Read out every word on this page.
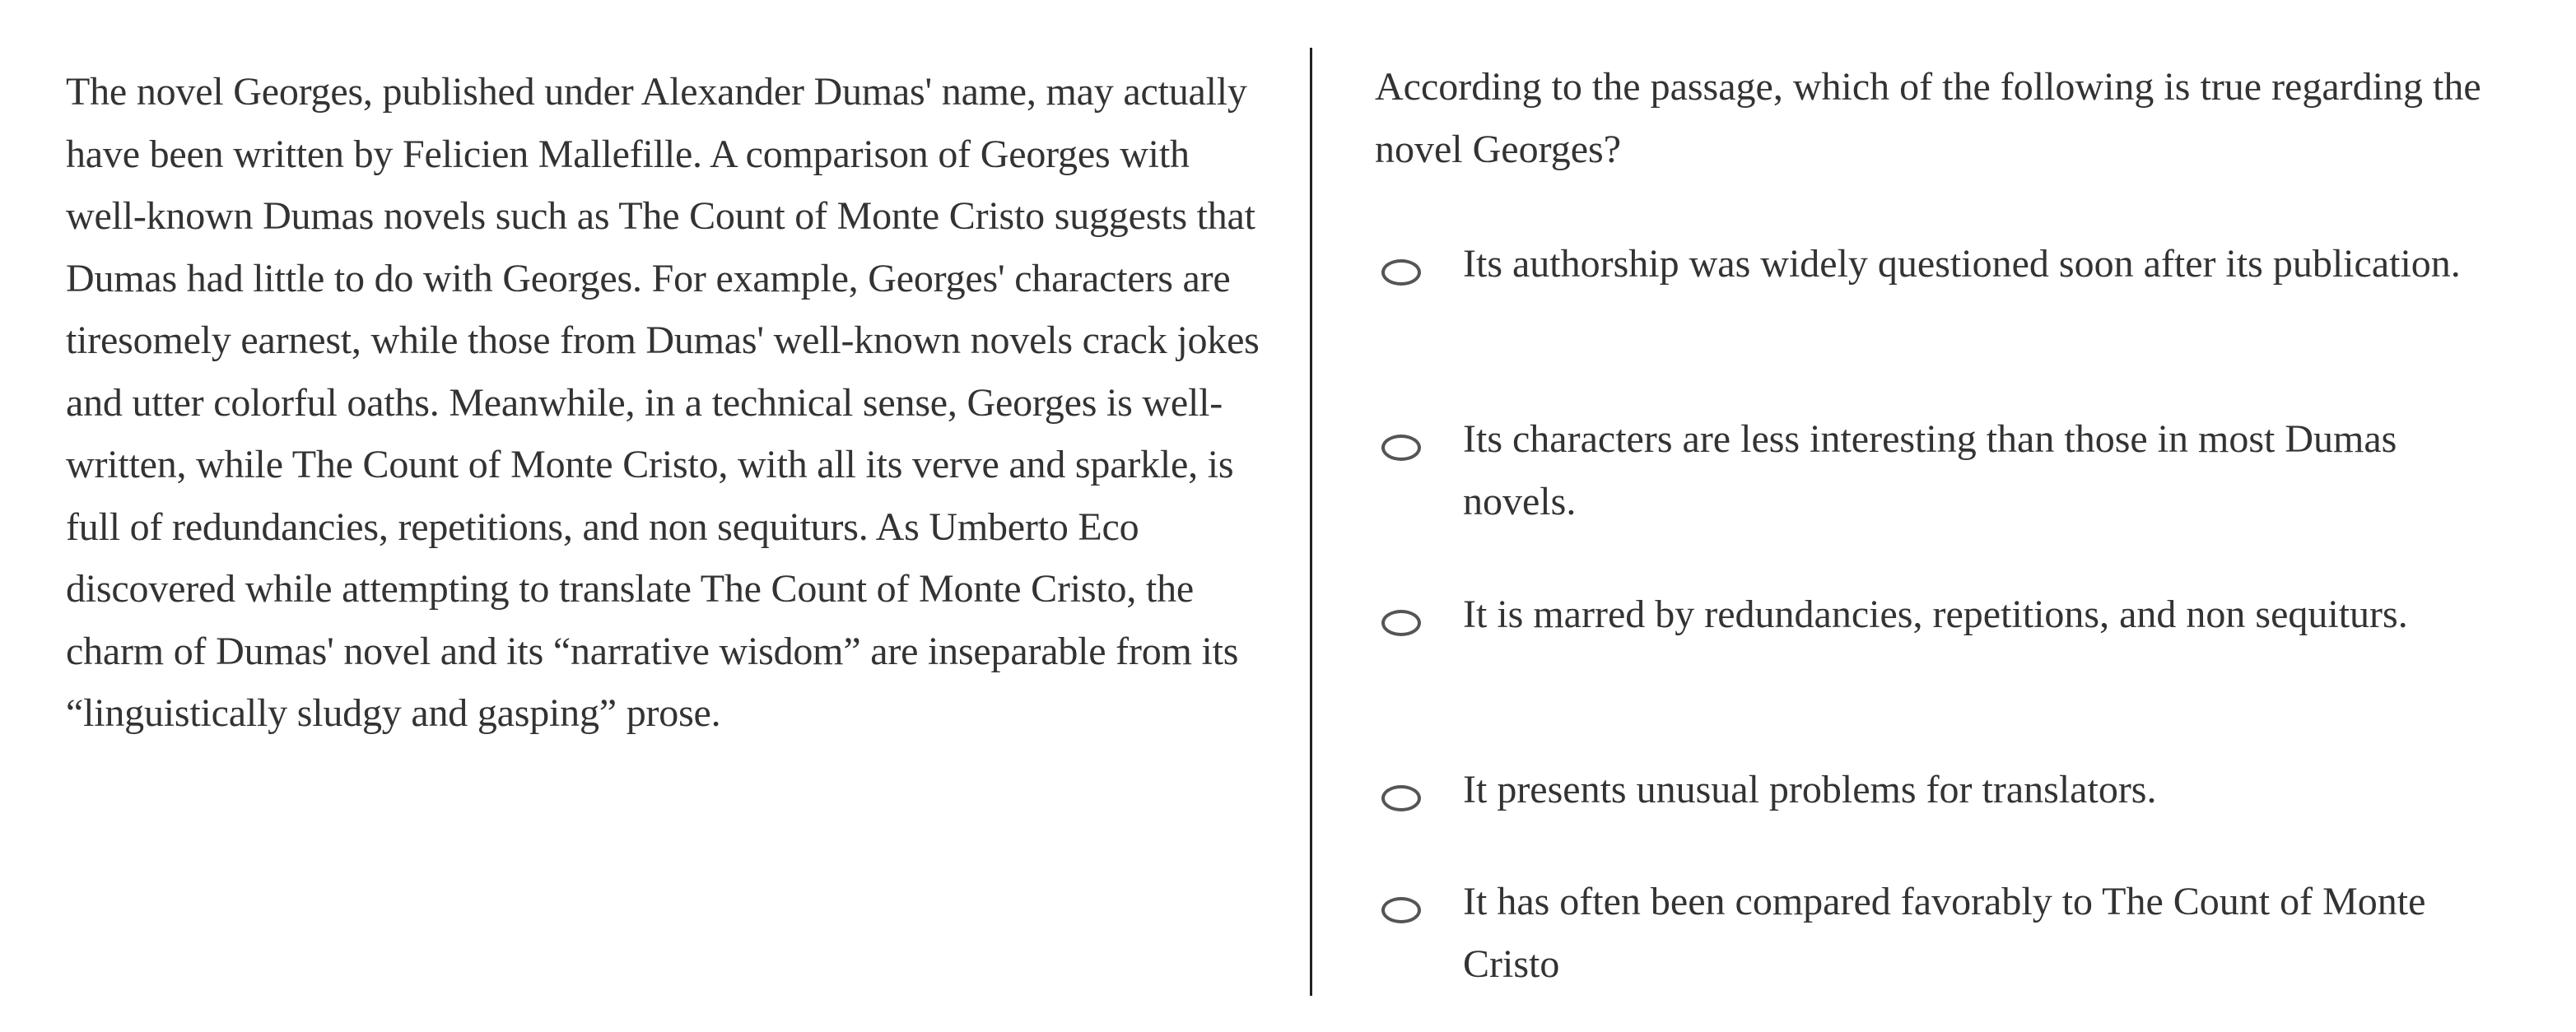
The novel Georges, published under Alexander Dumas' name, may actually have been written by Felicien Mallefille. A comparison of Georges with well-known Dumas novels such as The Count of Monte Cristo suggests that Dumas had little to do with Georges. For example, Georges' characters are tiresomely earnest, while those from Dumas' well-known novels crack jokes and utter colorful oaths. Meanwhile, in a technical sense, Georges is well-written, while The Count of Monte Cristo, with all its verve and sparkle, is full of redundancies, repetitions, and non sequiturs. As Umberto Eco discovered while attempting to translate The Count of Monte Cristo, the charm of Dumas' novel and its “narrative wisdom” are inseparable from its “linguistically sludgy and gasping” prose.

According to the passage, which of the following is true regarding the novel Georges?

Its authorship was widely questioned soon after its publication.
Its characters are less interesting than those in most Dumas novels.
It is marred by redundancies, repetitions, and non sequiturs.
It presents unusual problems for translators.
It has often been compared favorably to The Count of Monte Cristo
